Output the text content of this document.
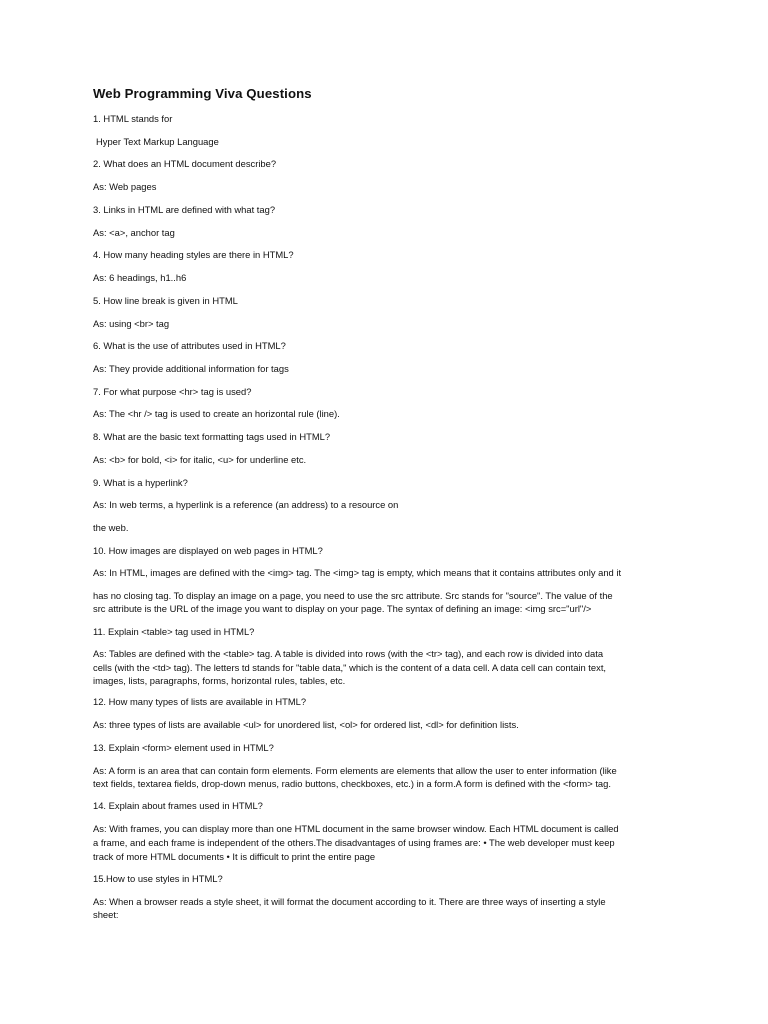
Web Programming Viva Questions
1. HTML stands for
Hyper Text Markup Language
2. What does an HTML document describe?
As: Web pages
3. Links in HTML are defined with what tag?
As: <a>, anchor tag
4. How many heading styles are there in HTML?
As: 6 headings, h1..h6
5. How line break is given in HTML
As: using <br> tag
6. What is the use of attributes used in HTML?
As: They provide additional information for tags
7. For what purpose <hr> tag is used?
As: The <hr /> tag is used to create an horizontal rule (line).
8. What are the basic text formatting tags used in HTML?
As: <b> for bold, <i> for italic, <u> for underline etc.
9. What is a hyperlink?
As: In web terms, a hyperlink is a reference (an address) to a resource on
the web.
10. How images are displayed on web pages in HTML?
As: In HTML, images are defined with the <img> tag. The <img> tag is empty, which means that it contains attributes only and it
has no closing tag. To display an image on a page, you need to use the src attribute. Src stands for "source". The value of the
src attribute is the URL of the image you want to display on your page. The syntax of defining an image: <img src="url"/>
11. Explain <table> tag used in HTML?
As: Tables are defined with the <table> tag. A table is divided into rows (with the <tr> tag), and each row is divided into data
cells (with the <td> tag). The letters td stands for "table data," which is the content of a data cell. A data cell can contain text,
images, lists, paragraphs, forms, horizontal rules, tables, etc.
12. How many types of lists are available in HTML?
As: three types of lists are available <ul> for unordered list, <ol> for ordered list, <dl> for definition lists.
13. Explain <form> element used in HTML?
As: A form is an area that can contain form elements. Form elements are elements that allow the user to enter information (like
text fields, textarea fields, drop-down menus, radio buttons, checkboxes, etc.) in a form.A form is defined with the <form> tag.
14. Explain about frames used in HTML?
As: With frames, you can display more than one HTML document in the same browser window. Each HTML document is called
a frame, and each frame is independent of the others.The disadvantages of using frames are: • The web developer must keep
track of more HTML documents • It is difficult to print the entire page
15.How to use styles in HTML?
As: When a browser reads a style sheet, it will format the document according to it. There are three ways of inserting a style
sheet:
